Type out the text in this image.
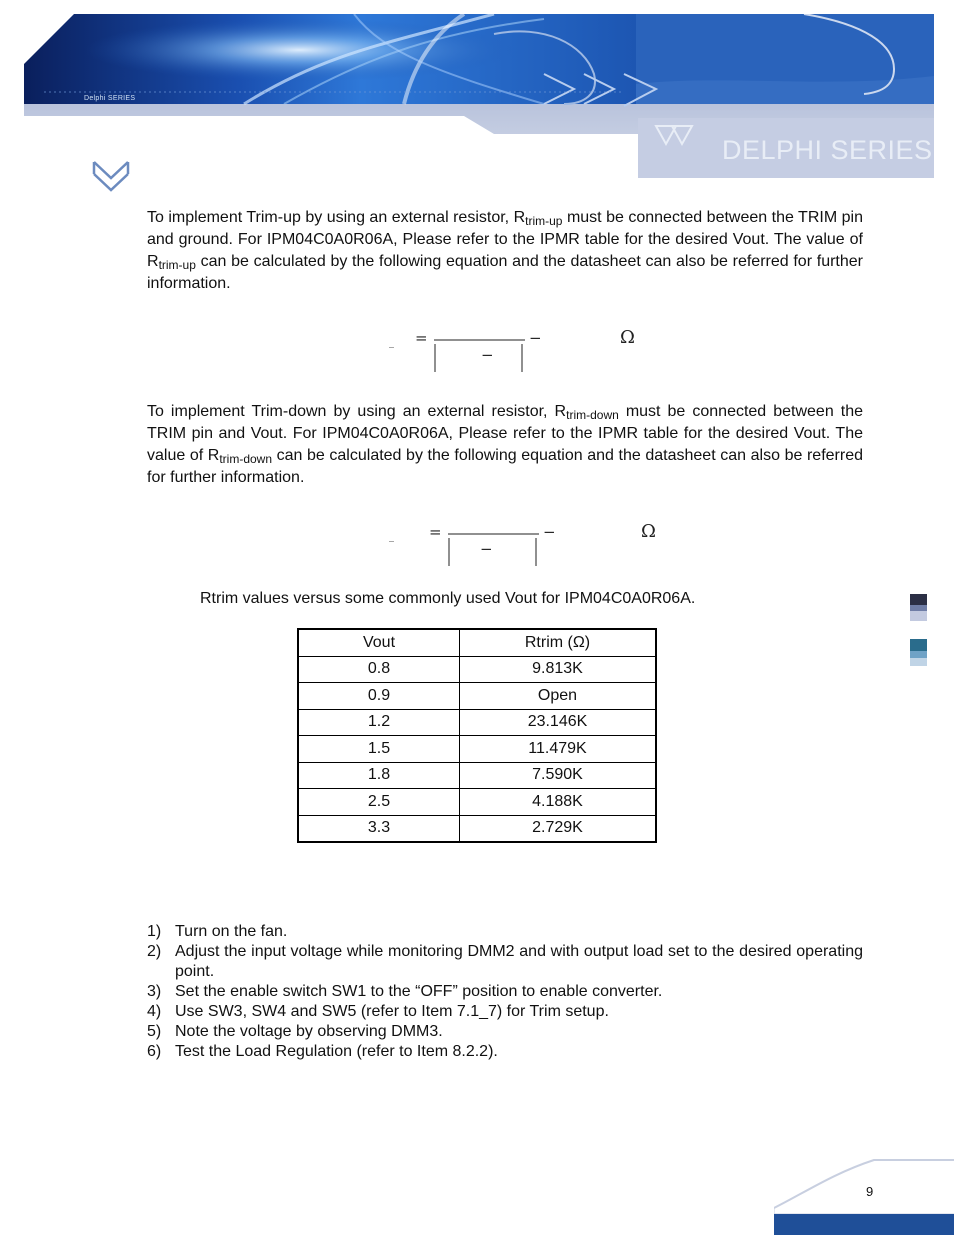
Delphi SERIES
DELPHI SERIES
To implement Trim-up by using an external resistor, $R_{trim-up}$ must be connected between the TRIM pin and ground. For IPM04C0A0R06A, Please refer to the IPMR table for the desired Vout. The value of $R_{trim-up}$ can be calculated by the following equation and the datasheet can also be referred for further information.
_ =
−
−	Ω
To implement Trim-down by using an external resistor, $R_{trim-down}$ must be connected between the TRIM pin and Vout. For IPM04C0A0R06A, Please refer to the IPMR table for the desired Vout. The value of $R_{trim-down}$ can be calculated by the following equation and the datasheet can also be referred for further information.
_ =
−
−	Ω
Rtrim values versus some commonly used Vout for IPM04C0A0R06A.
Vout	Rtrim (Ω)
0.8	9.813K
0.9	Open
1.2	23.146K
1.5	11.479K
1.8	7.590K
2.5	4.188K
3.3	2.729K
1) Turn on the fan.
2) Adjust the input voltage while monitoring DMM2 and with output load set to the desired operating point.
3) Set the enable switch SW1 to the “OFF” position to enable converter.
4) Use SW3, SW4 and SW5 (refer to Item 7.1_7) for Trim setup.
5) Note the voltage by observing DMM3.
6) Test the Load Regulation (refer to Item 8.2.2).
9
